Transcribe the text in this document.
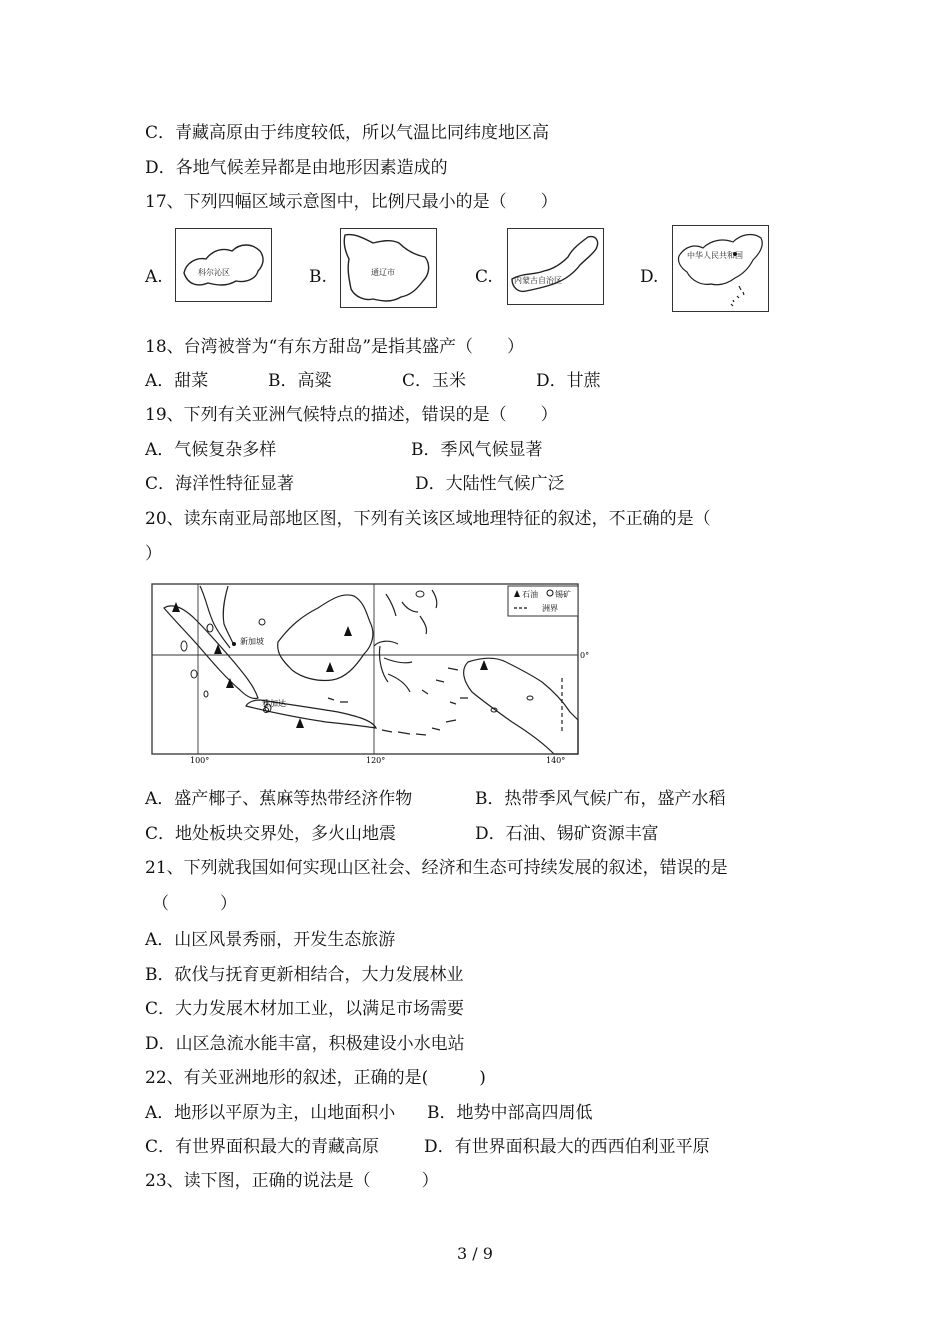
C．青藏高原由于纬度较低，所以气温比同纬度地区高
D．各地气候差异都是由地形因素造成的
17、下列四幅区域示意图中，比例尺最小的是（　　）
A.	科尔沁区	B.	通辽市	C.	内蒙古自治区	D.
中华人民共和国
18、台湾被誉为“有东方甜岛”是指其盛产（　　）
A．甜菜	B．高粱	C．玉米	D．甘蔗
19、下列有关亚洲气候特点的描述，错误的是（　　）
A．气候复杂多样	B．季风气候显著
C．海洋性特征显著	D．大陆性气候广泛
20、读东南亚局部地区图，下列有关该区域地理特征的叙述，不正确的是（
）
石油 锡矿
洲界
新加坡
雅加达
0°
100°	120°	140°
A．盛产椰子、蕉麻等热带经济作物	B．热带季风气候广布，盛产水稻
C．地处板块交界处，多火山地震	D．石油、锡矿资源丰富
21、下列就我国如何实现山区社会、经济和生态可持续发展的叙述，错误的是
（　　　）
A．山区风景秀丽，开发生态旅游
B．砍伐与抚育更新相结合，大力发展林业
C．大力发展木材加工业，以满足市场需要
D．山区急流水能丰富，积极建设小水电站
22、有关亚洲地形的叙述，正确的是(　　　)
A．地形以平原为主，山地面积小 B．地势中部高四周低
C．有世界面积最大的青藏高原	D．有世界面积最大的西西伯利亚平原
23、读下图，正确的说法是（　　　）
3 / 9
